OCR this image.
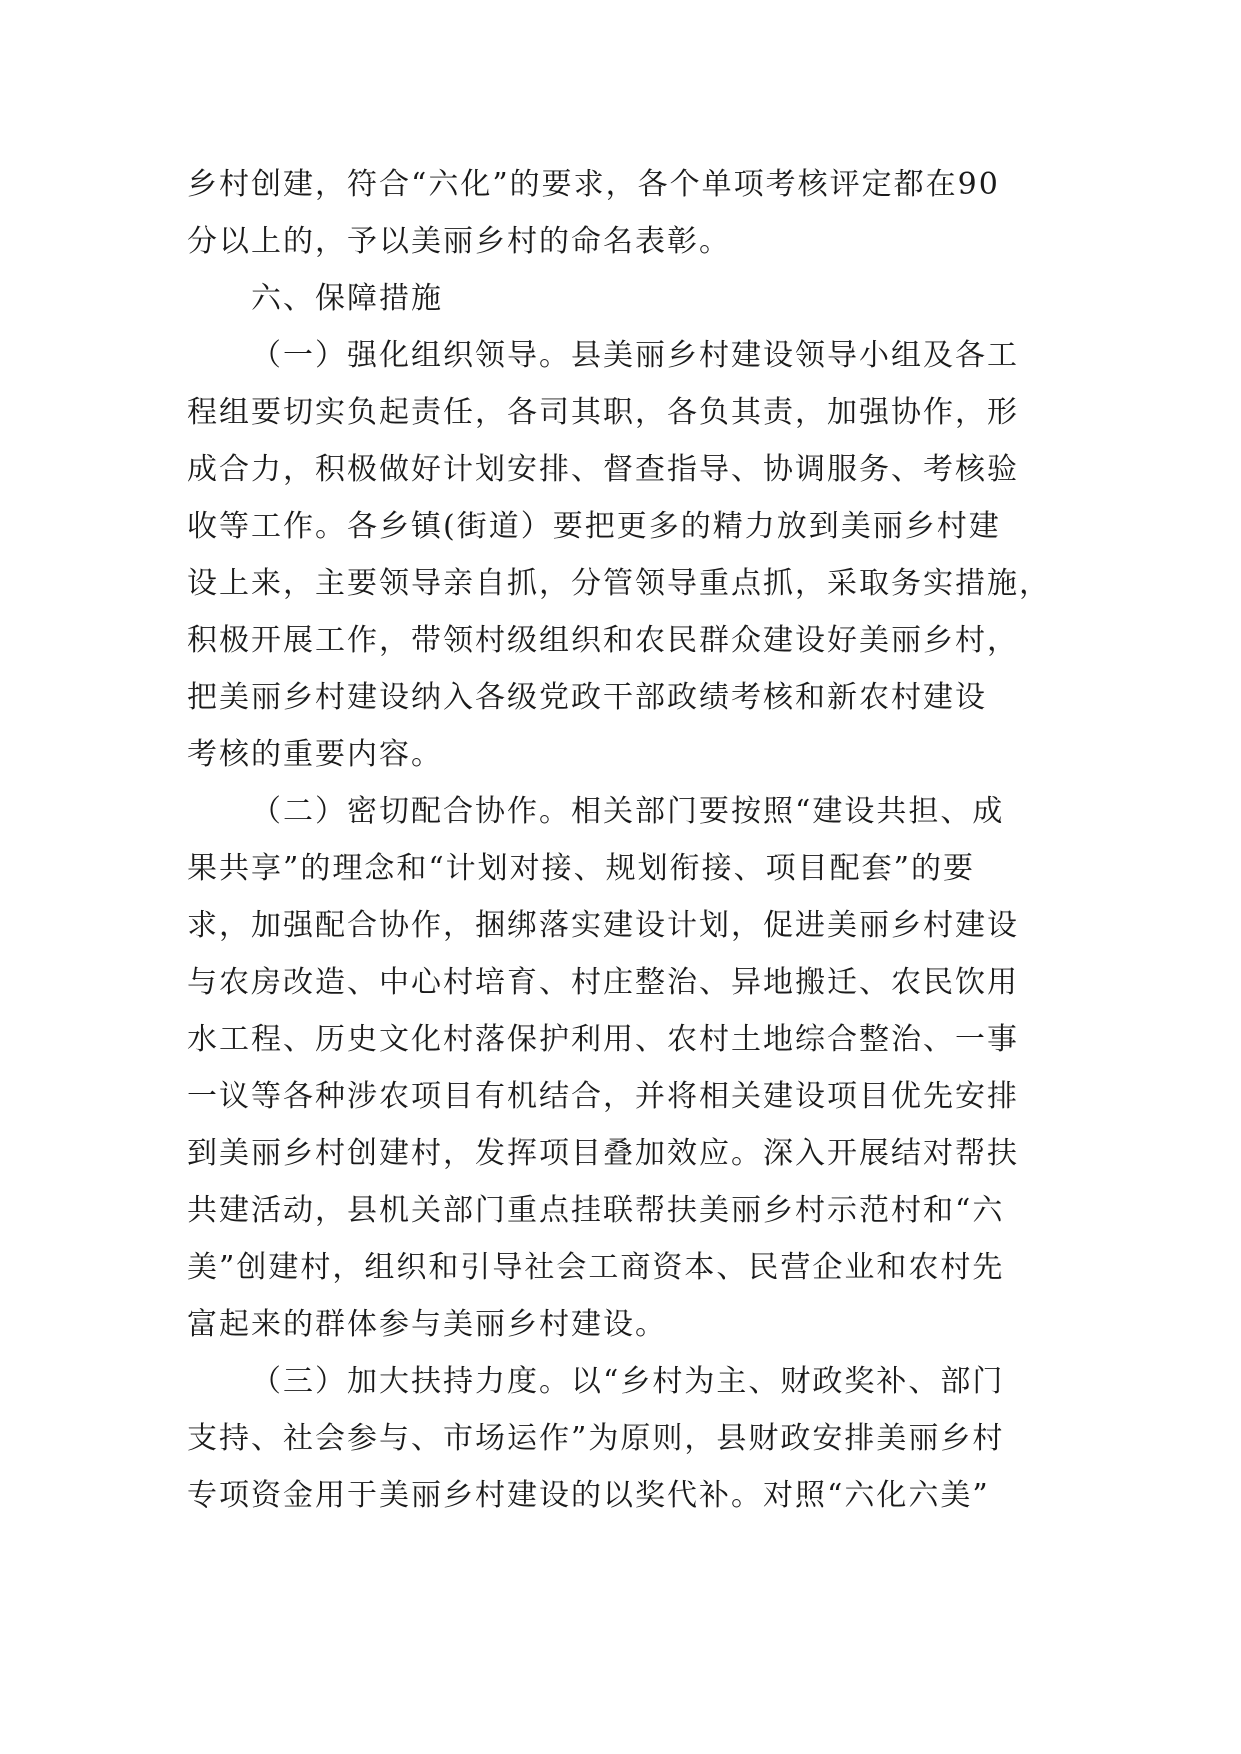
乡村创建，符合“六化”的要求，各个单项考核评定都在90
分以上的，予以美丽乡村的命名表彰。
六、保障措施
（一）强化组织领导。县美丽乡村建设领导小组及各工
程组要切实负起责任，各司其职，各负其责，加强协作，形
成合力，积极做好计划安排、督查指导、协调服务、考核验
收等工作。各乡镇(街道）要把更多的精力放到美丽乡村建
设上来，主要领导亲自抓，分管领导重点抓，采取务实措施，
积极开展工作，带领村级组织和农民群众建设好美丽乡村，
把美丽乡村建设纳入各级党政干部政绩考核和新农村建设
考核的重要内容。
（二）密切配合协作。相关部门要按照“建设共担、成
果共享”的理念和“计划对接、规划衔接、项目配套”的要
求，加强配合协作，捆绑落实建设计划，促进美丽乡村建设
与农房改造、中心村培育、村庄整治、异地搬迁、农民饮用
水工程、历史文化村落保护利用、农村土地综合整治、一事
一议等各种涉农项目有机结合，并将相关建设项目优先安排
到美丽乡村创建村，发挥项目叠加效应。深入开展结对帮扶
共建活动，县机关部门重点挂联帮扶美丽乡村示范村和“六
美”创建村，组织和引导社会工商资本、民营企业和农村先
富起来的群体参与美丽乡村建设。
（三）加大扶持力度。以“乡村为主、财政奖补、部门
支持、社会参与、市场运作”为原则，县财政安排美丽乡村
专项资金用于美丽乡村建设的以奖代补。对照“六化六美”
